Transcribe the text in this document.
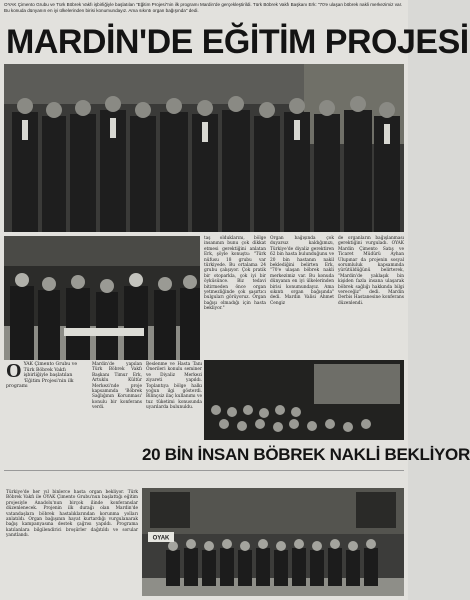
OYAK Çimento Grubu ve Türk Böbrek Vakfı işbirliğiyle başlatılan "Eğitim Projesi"nin ilk programı Mardin'de gerçekleştirildi. Türk Böbrek Vakfı Başkanı Erk: "70'e ulaşan böbrek nakli merkezimiz var. Bu konuda dünyanın en iyi ülkelerinden birisi konumundayız. Ama sıkıntı organ bağışında" dedi.
MARDİN'DE EĞİTİM PROJESİ
taş olduklarını, bölge insanının bunu çok dikkat etmesi gerektiğini anlatan Erk, şöyle konuştu: "Türk nüfusu 18 grubu var türkiyede. Bu ortalama 24 grubu çalışıyor. Çok pratik bir otoparkla, çok iyi bir öyküsünce. Biz tedavi bitirmeden önce organ yetmezliğinde çok şaşırtıcı bulguları görüyoruz. Organ bağışı olmadığı için hasta bekliyor."
Organ bağışında çok duyarsız kaldığımızı, Türkiye'de diyaliz gerektiren 62 bin hasta bulunduğunu ve 20 bin hastanın nakil beklediğini belirten Erk, "70'e ulaşan böbrek nakli merkezimiz var. Bu konuda dünyanın en iyi ülkelerinden birisi konumundayız. Ama sıkıntı organ bağışında" dedi. Mardin Valisi Ahmet Cengiz
de organların bağışlanması gerektiğini vurguladı. OYAK Mardin Çimento Satış ve Ticaret Müdürü Ayhan Ulupınar da projenin sosyal sorumluluk kapsamında yürütüldüğünü belirterek, "Mardin'de yaklaşık bin kişiden fazla insana ulaşarak böbrek sağlığı hakkında bilgi vereceğiz" dedi. Mardin Derbis Hastanesine konferans düzenlendi.
OYAK Çimento Grubu ve Türk Böbrek Vakfı işbirliğiyle başlatılan 'Eğitim Projesi'nin ilk programı
Mardin'de yapılan Türk Böbrek Vakfı Başkanı Timur Erk, Artuklu Kültür Merkezi'nde proje kapsamında 'Böbrek Sağlığının Korunması' konulu bir konferans verdi.
Beslenme ve Hasta Tanı Önerileri konulu seminer ve Diyaliz Merkezi ziyareti yapıldı. Toplantıya bölge halkı yoğun ilgi gösterdi. Bilinçsiz ilaç kullanımı ve tuz tüketimi konusunda uyarılarda bulunuldu.
20 BİN İNSAN BÖBREK NAKLİ BEKLİYOR
Türkiye'de her yıl binlerce hasta organ bekliyor. Türk Böbrek Vakfı ile OYAK Çimento Grubu'nun başlattığı eğitim projesiyle Anadolu'nun birçok ilinde konferanslar düzenlenecek. Projenin ilk durağı olan Mardin'de vatandaşlara böbrek hastalıklarından korunma yolları anlatıldı. Organ bağışının hayat kurtardığı vurgulanarak bağış kampanyasına destek çağrısı yapıldı. Programa katılanlara bilgilendirici broşürler dağıtıldı ve sorular yanıtlandı.	OYAK
